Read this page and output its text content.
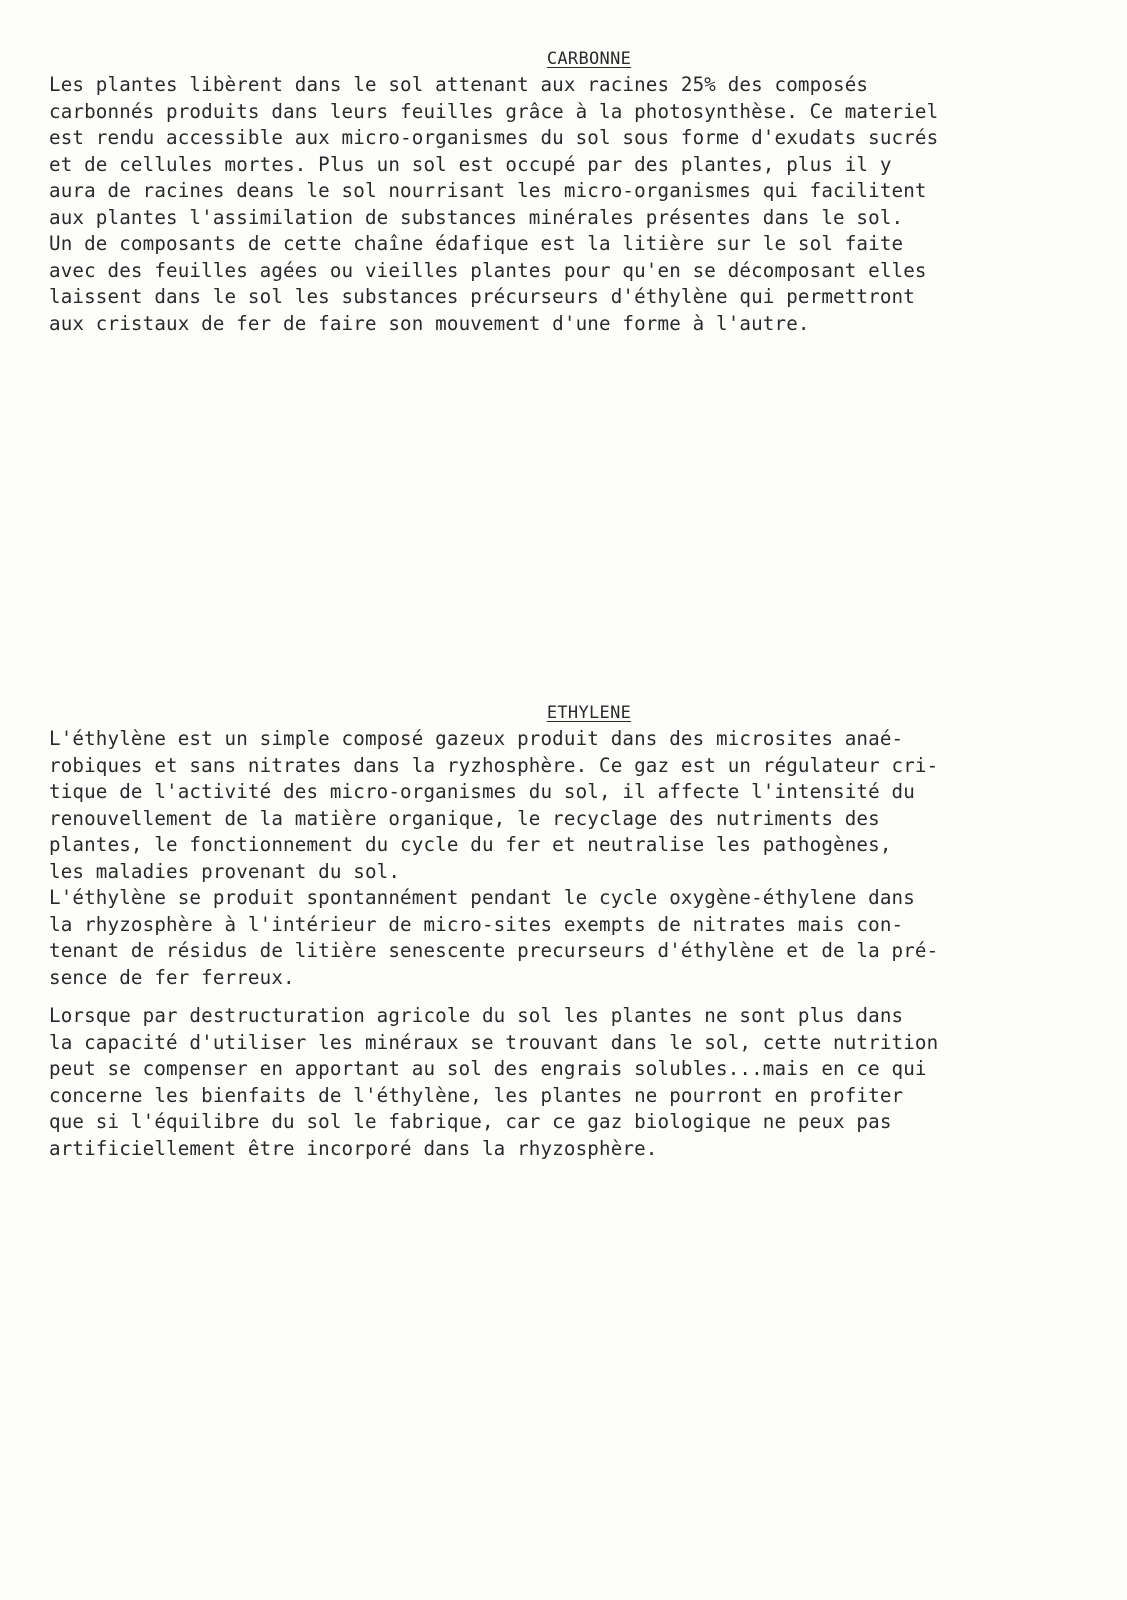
CARBONNE
Les plantes libèrent dans le sol attenant aux racines 25% des composés
carbonnés produits dans leurs feuilles grâce à la photosynthèse. Ce materiel
est rendu accessible aux micro-organismes du sol sous forme d'exudats sucrés
et de cellules mortes. Plus un sol est occupé par des plantes, plus il y
aura de racines deans le sol nourrisant les micro-organismes qui facilitent
aux plantes l'assimilation de substances minérales présentes dans le sol.
Un de composants de cette chaîne édafique est la litière sur le sol faite
avec des feuilles agées ou vieilles plantes pour qu'en se décomposant elles
laissent dans le sol les substances précurseurs d'éthylène qui permettront
aux cristaux de fer de faire son mouvement d'une forme à l'autre.
ETHYLENE
L'éthylène est un simple composé gazeux produit dans des microsites anaé-
robiques et sans nitrates dans la ryzhosphère. Ce gaz est un régulateur cri-
tique de l'activité des micro-organismes du sol, il affecte l'intensité du
renouvellement de la matière organique, le recyclage des nutriments des
plantes, le fonctionnement du cycle du fer et neutralise les pathogènes,
les maladies provenant du sol.
L'éthylène se produit spontannément pendant le cycle oxygène-éthylene dans
la rhyzosphère à l'intérieur de micro-sites exempts de nitrates mais con-
tenant de résidus de litière senescente precurseurs d'éthylène et de la pré-
sence de fer ferreux.
Lorsque par destructuration agricole du sol les plantes ne sont plus dans
la capacité d'utiliser les minéraux se trouvant dans le sol, cette nutrition
peut se compenser en apportant au sol des engrais solubles...mais en ce qui
concerne les bienfaits de l'éthylène, les plantes ne pourront en profiter
que si l'équilibre du sol le fabrique, car ce gaz biologique ne peux pas
artificiellement être incorporé dans la rhyzosphère.
